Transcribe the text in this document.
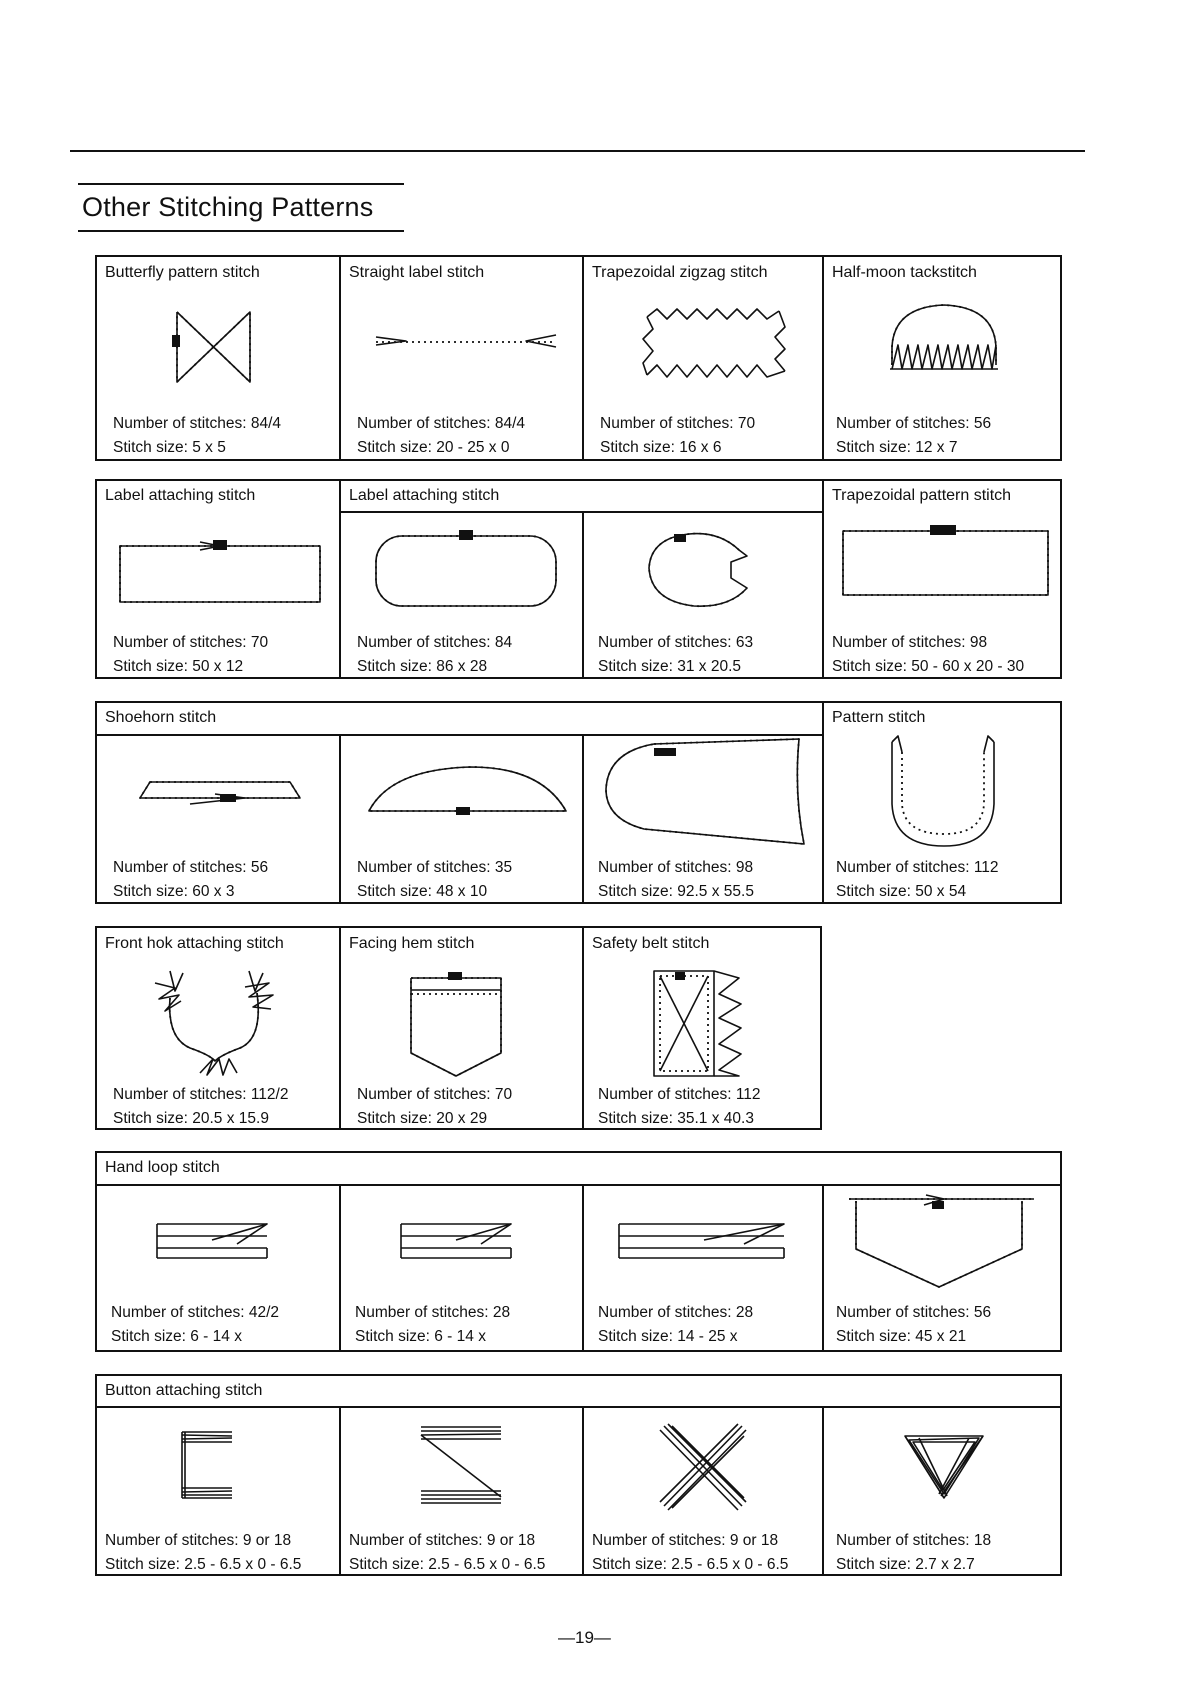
Other Stitching Patterns
Butterfly pattern stitch
Number of stitches: 84/4
Stitch size: 5 x 5
Straight label stitch
Number of stitches: 84/4
Stitch size: 20 - 25 x 0
Trapezoidal zigzag stitch
Number of stitches: 70
Stitch size: 16 x 6
Half-moon tackstitch
Number of stitches: 56
Stitch size: 12 x 7
Label attaching stitch	Label attaching stitch	Trapezoidal pattern stitch
Number of stitches: 70
Stitch size: 50 x 12
Number of stitches: 84
Stitch size: 86 x 28
Number of stitches: 63
Stitch size: 31 x 20.5
Number of stitches: 98
Stitch size: 50 - 60 x 20 - 30
Shoehorn stitch	Pattern stitch
Number of stitches: 56
Stitch size: 60 x 3
Number of stitches: 35
Stitch size: 48 x 10
Number of stitches: 98
Stitch size: 92.5 x 55.5
Number of stitches: 112
Stitch size: 50 x 54
Front hok attaching stitch
Number of stitches: 112/2
Stitch size: 20.5 x 15.9
Facing hem stitch
Number of stitches: 70
Stitch size: 20 x 29
Safety belt stitch
Number of stitches: 112
Stitch size: 35.1 x 40.3
Hand loop stitch
Number of stitches: 42/2
Stitch size: 6 - 14 x
Number of stitches: 28
Stitch size: 6 - 14 x
Number of stitches: 28
Stitch size: 14 - 25 x
Number of stitches: 56
Stitch size: 45 x 21
Button attaching stitch
Number of stitches: 9 or 18
Stitch size: 2.5 - 6.5 x 0 - 6.5
Number of stitches: 9 or 18
Stitch size: 2.5 - 6.5 x 0 - 6.5
Number of stitches: 9 or 18
Stitch size: 2.5 - 6.5 x 0 - 6.5
Number of stitches: 18
Stitch size: 2.7 x 2.7
—19—
